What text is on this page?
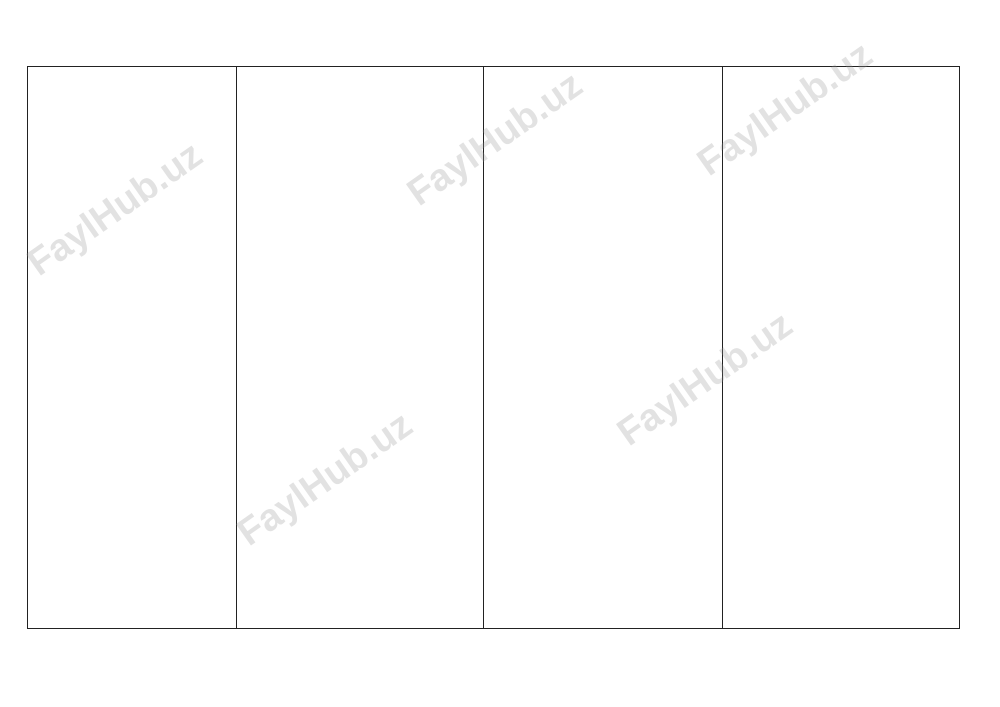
FaylHub.uz	FaylHub.uz
FaylHub.uz
FaylHub.uz
FaylHub.uz
